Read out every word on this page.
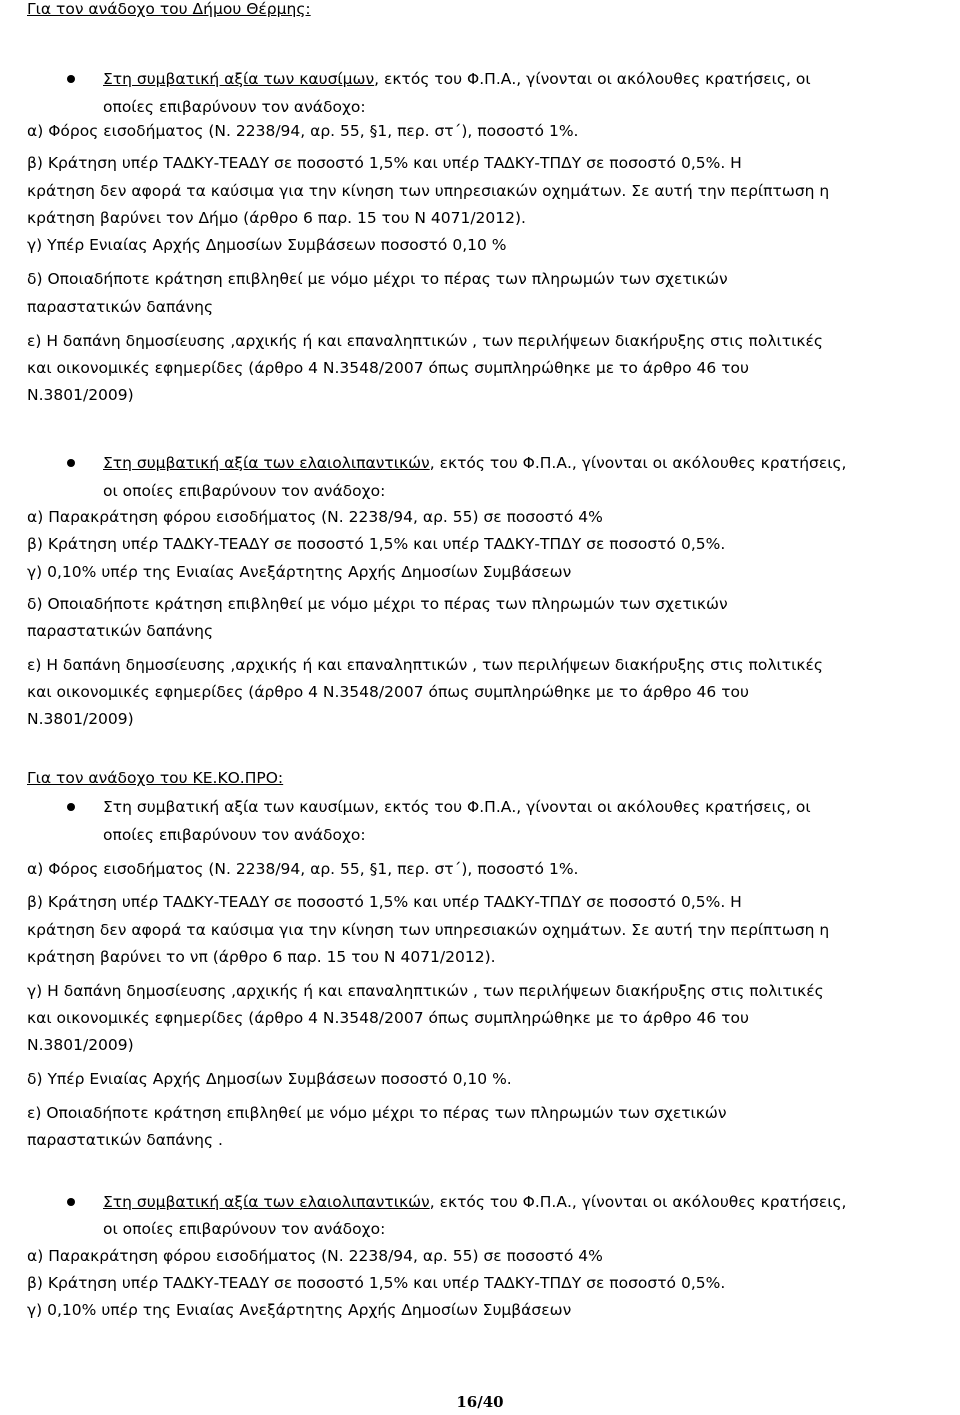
Για τον ανάδοχο του Δήμου Θέρμης:
Στη συμβατική αξία των καυσίμων, εκτός του Φ.Π.Α., γίνονται οι ακόλουθες κρατήσεις, οι
οποίες επιβαρύνουν τον ανάδοχο:
α) Φόρος εισοδήματος (Ν. 2238/94, αρ. 55, §1, περ. στ΄), ποσοστό 1%.
β) Κράτηση υπέρ ΤΑΔΚΥ-ΤΕΑΔΥ σε ποσοστό 1,5% και υπέρ ΤΑΔΚΥ-ΤΠΔΥ σε ποσοστό 0,5%. Η
κράτηση δεν αφορά τα καύσιμα για την κίνηση των υπηρεσιακών οχημάτων. Σε αυτή την περίπτωση η
κράτηση βαρύνει τον Δήμο (άρθρο 6 παρ. 15 του Ν 4071/2012).
γ) Υπέρ Ενιαίας Αρχής Δημοσίων Συμβάσεων ποσοστό 0,10 %
δ) Οποιαδήποτε κράτηση επιβληθεί με νόμο μέχρι το πέρας των πληρωμών των σχετικών
παραστατικών δαπάνης
ε) Η δαπάνη δημοσίευσης ,αρχικής ή και επαναληπτικών , των περιλήψεων διακήρυξης στις πολιτικές
και οικονομικές εφημερίδες (άρθρο 4 Ν.3548/2007 όπως συμπληρώθηκε με το άρθρο 46 του
Ν.3801/2009)
Στη συμβατική αξία των ελαιολιπαντικών, εκτός του Φ.Π.Α., γίνονται οι ακόλουθες κρατήσεις,
οι οποίες επιβαρύνουν τον ανάδοχο:
α) Παρακράτηση φόρου εισοδήματος (Ν. 2238/94, αρ. 55) σε ποσοστό 4%
β) Κράτηση υπέρ ΤΑΔΚΥ-ΤΕΑΔΥ σε ποσοστό 1,5% και υπέρ ΤΑΔΚΥ-ΤΠΔΥ σε ποσοστό 0,5%.
γ) 0,10% υπέρ της Ενιαίας Ανεξάρτητης Αρχής Δημοσίων Συμβάσεων
δ) Οποιαδήποτε κράτηση επιβληθεί με νόμο μέχρι το πέρας των πληρωμών των σχετικών
παραστατικών δαπάνης
ε) Η δαπάνη δημοσίευσης ,αρχικής ή και επαναληπτικών , των περιλήψεων διακήρυξης στις πολιτικές
και οικονομικές εφημερίδες (άρθρο 4 Ν.3548/2007 όπως συμπληρώθηκε με το άρθρο 46 του
Ν.3801/2009)
Για τον ανάδοχο του ΚΕ.ΚΟ.ΠΡΟ:
Στη συμβατική αξία των καυσίμων, εκτός του Φ.Π.Α., γίνονται οι ακόλουθες κρατήσεις, οι
οποίες επιβαρύνουν τον ανάδοχο:
α) Φόρος εισοδήματος (Ν. 2238/94, αρ. 55, §1, περ. στ΄), ποσοστό 1%.
β) Κράτηση υπέρ ΤΑΔΚΥ-ΤΕΑΔΥ σε ποσοστό 1,5% και υπέρ ΤΑΔΚΥ-ΤΠΔΥ σε ποσοστό 0,5%. Η
κράτηση δεν αφορά τα καύσιμα για την κίνηση των υπηρεσιακών οχημάτων. Σε αυτή την περίπτωση η
κράτηση βαρύνει το νπ (άρθρο 6 παρ. 15 του Ν 4071/2012).
γ) Η δαπάνη δημοσίευσης ,αρχικής ή και επαναληπτικών , των περιλήψεων διακήρυξης στις πολιτικές
και οικονομικές εφημερίδες (άρθρο 4 Ν.3548/2007 όπως συμπληρώθηκε με το άρθρο 46 του
Ν.3801/2009)
δ) Υπέρ Ενιαίας Αρχής Δημοσίων Συμβάσεων ποσοστό 0,10 %.
ε) Οποιαδήποτε κράτηση επιβληθεί με νόμο μέχρι το πέρας των πληρωμών των σχετικών
παραστατικών δαπάνης .
Στη συμβατική αξία των ελαιολιπαντικών, εκτός του Φ.Π.Α., γίνονται οι ακόλουθες κρατήσεις,
οι οποίες επιβαρύνουν τον ανάδοχο:
α) Παρακράτηση φόρου εισοδήματος (Ν. 2238/94, αρ. 55) σε ποσοστό 4%
β) Κράτηση υπέρ ΤΑΔΚΥ-ΤΕΑΔΥ σε ποσοστό 1,5% και υπέρ ΤΑΔΚΥ-ΤΠΔΥ σε ποσοστό 0,5%.
γ) 0,10% υπέρ της Ενιαίας Ανεξάρτητης Αρχής Δημοσίων Συμβάσεων
16/40
